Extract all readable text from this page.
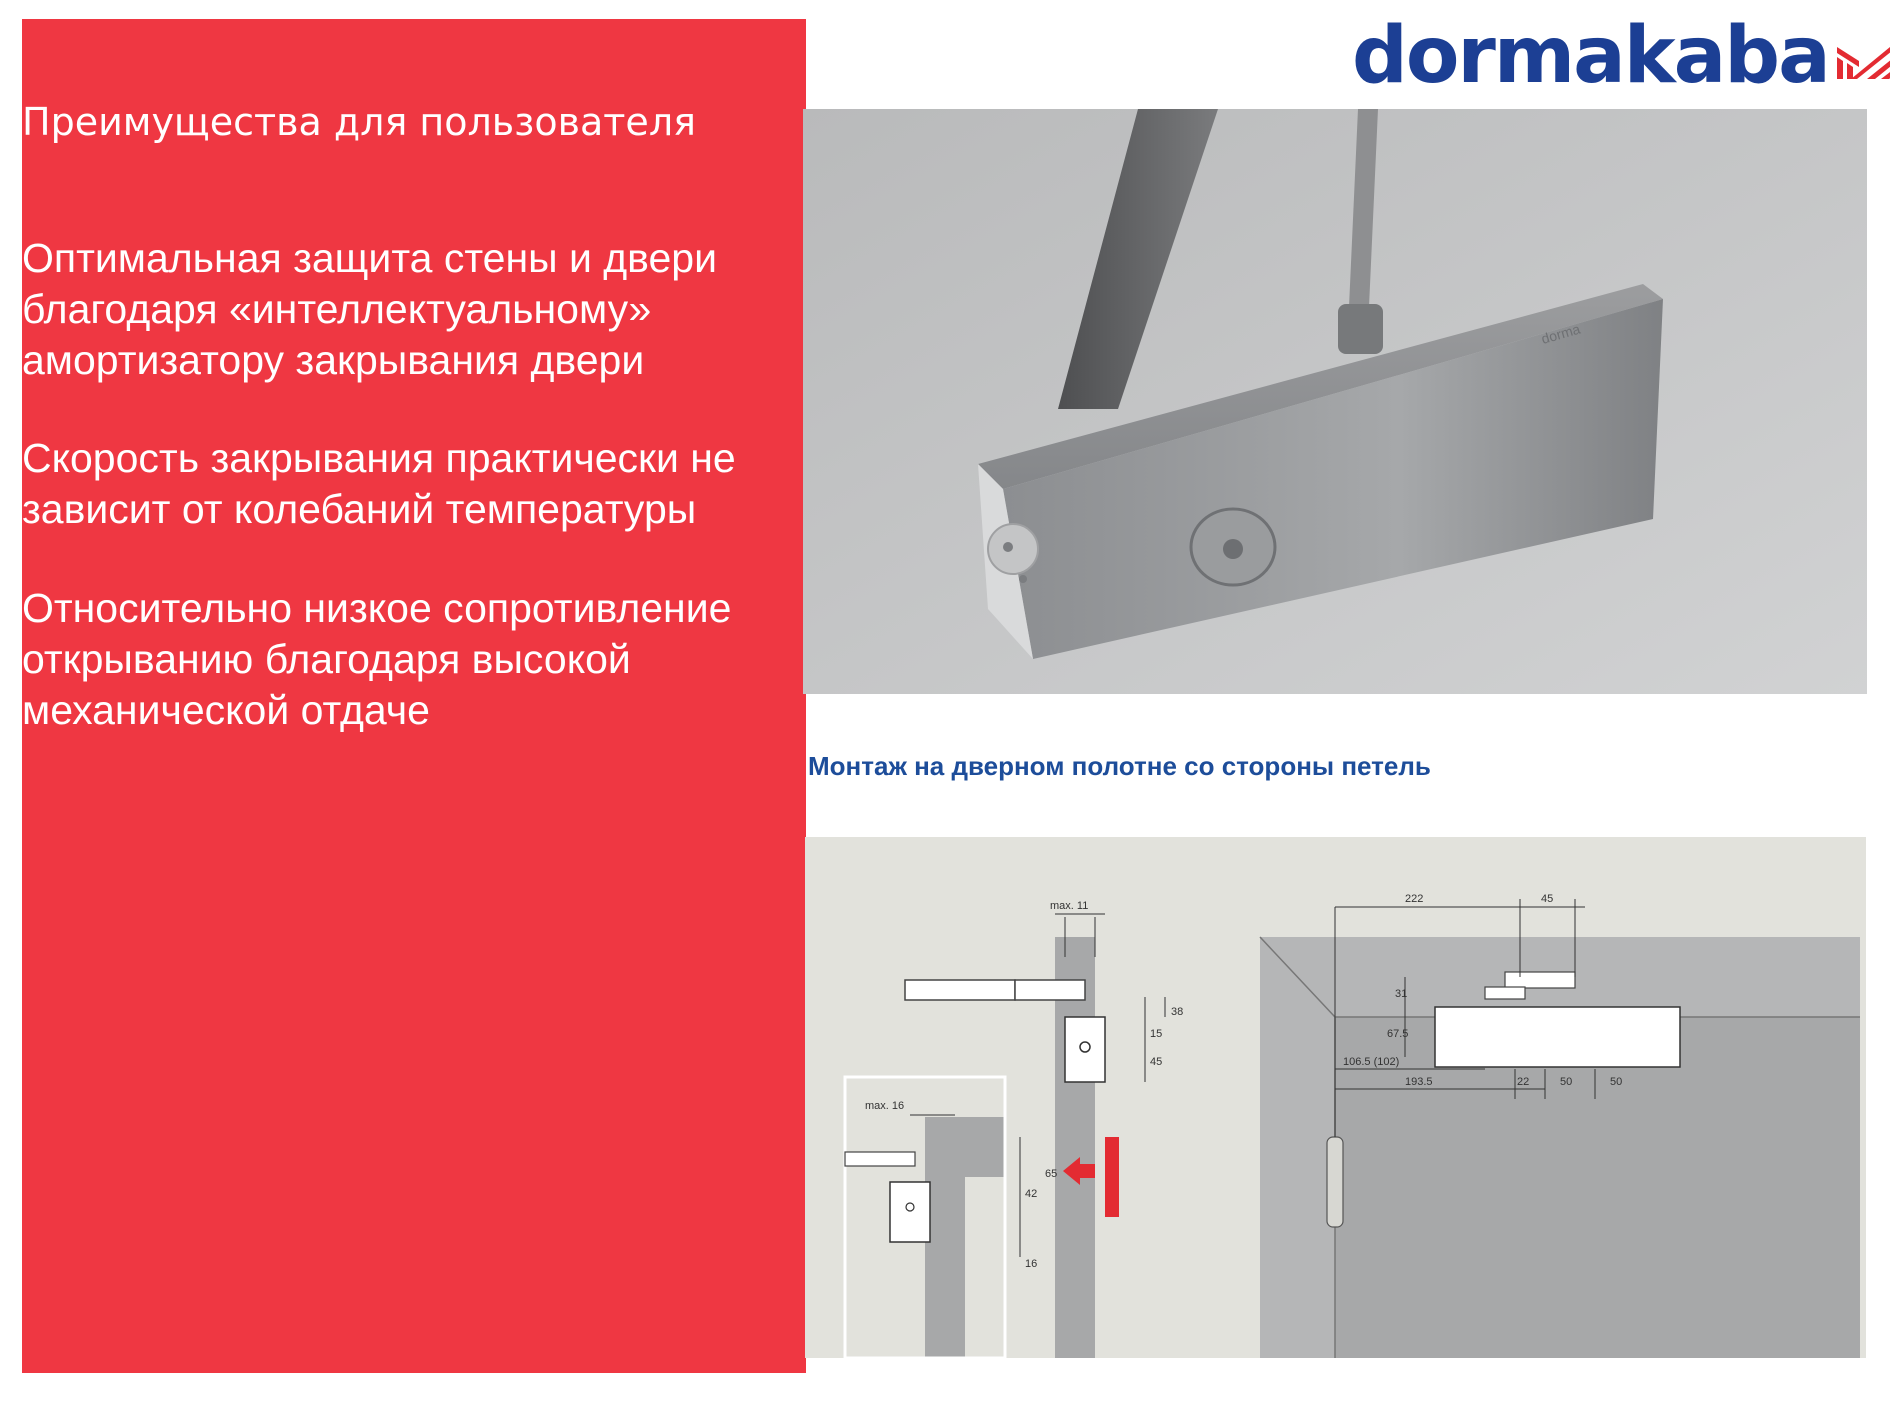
Преимущества для пользователя
Оптимальная защита стены и двери
благодаря «интеллектуальному»
амортизатору закрывания двери
Скорость закрывания практически не
зависит от колебаний температуры
Относительно низкое сопротивление
открыванию благодаря высокой
механической отдаче
dormakaba
dorma
Монтаж на дверном полотне со стороны петель
max. 11
max. 16
38
15
45
42
65
16
222	45
31
67.5
106.5 (102)
193.5	22	50	50
